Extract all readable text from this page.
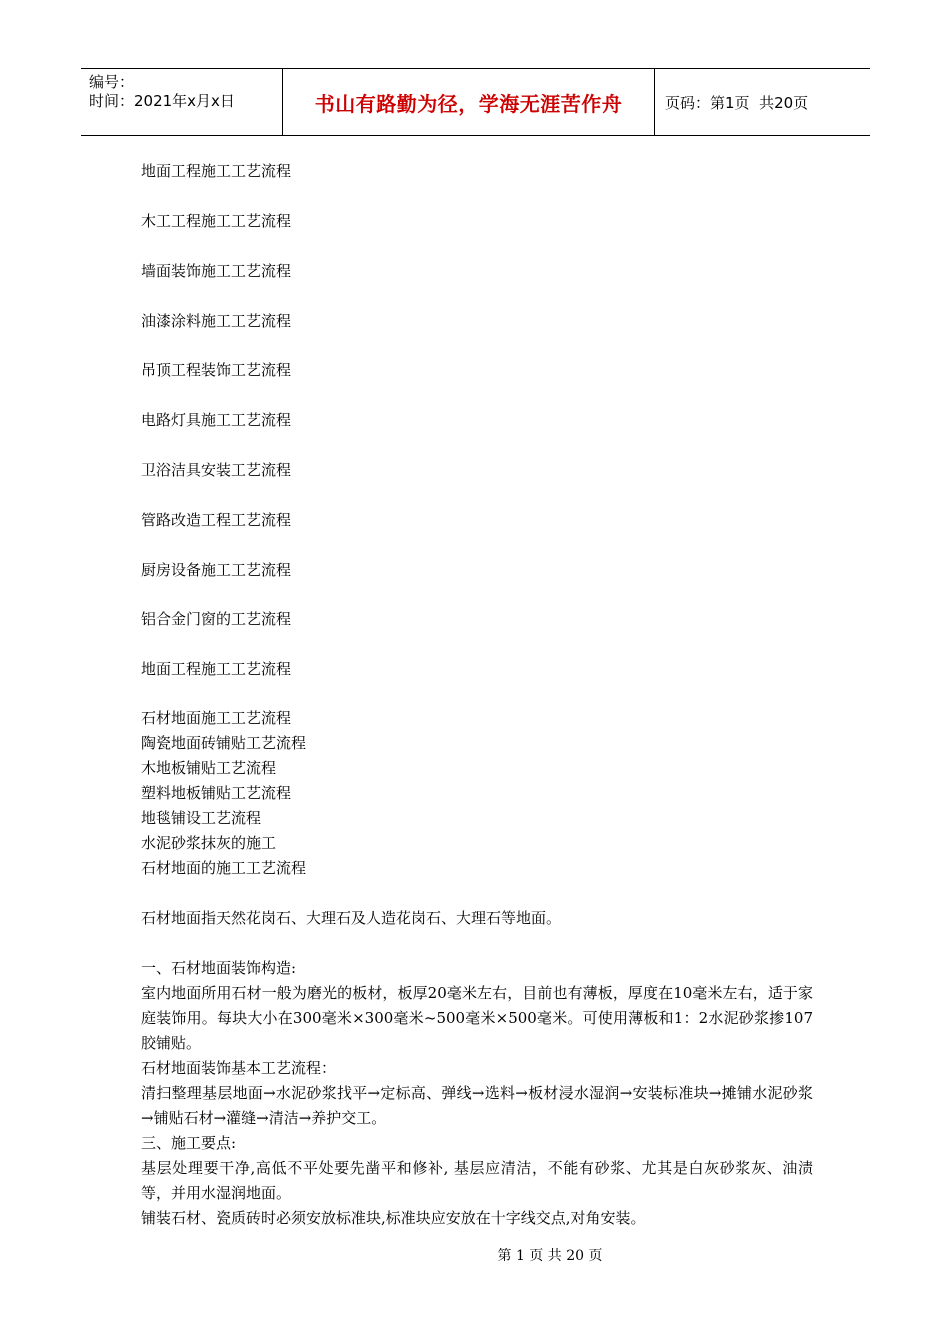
编号：
时间：2021年x月x日	书山有路勤为径，学海无涯苦作舟	页码：第1页  共20页
地面工程施工工艺流程
木工工程施工工艺流程
墙面装饰施工工艺流程
油漆涂料施工工艺流程
吊顶工程装饰工艺流程
电路灯具施工工艺流程
卫浴洁具安装工艺流程
管路改造工程工艺流程
厨房设备施工工艺流程
铝合金门窗的工艺流程
地面工程施工工艺流程
石材地面施工工艺流程
陶瓷地面砖铺贴工艺流程
木地板铺贴工艺流程
塑料地板铺贴工艺流程
地毯铺设工艺流程
水泥砂浆抹灰的施工
石材地面的施工工艺流程

石材地面指天然花岗石、大理石及人造花岗石、大理石等地面。

一、石材地面装饰构造:

室内地面所用石材一般为磨光的板材，板厚20毫米左右，目前也有薄板，厚度在10毫米左右，适于家庭装饰用。每块大小在300毫米×300毫米~500毫米×500毫米。可使用薄板和1：2水泥砂浆掺107胶铺贴。

石材地面装饰基本工艺流程：

清扫整理基层地面→水泥砂浆找平→定标高、弹线→选料→板材浸水湿润→安装标准块→摊铺水泥砂浆→铺贴石材→灌缝→清洁→养护交工。

三、施工要点:

基层处理要干净,高低不平处要先凿平和修补, 基层应清洁，不能有砂浆、尤其是白灰砂浆灰、油渍等，并用水湿润地面。

铺装石材、瓷质砖时必须安放标准块,标准块应安放在十字线交点,对角安装。

第 1 页 共 20 页
